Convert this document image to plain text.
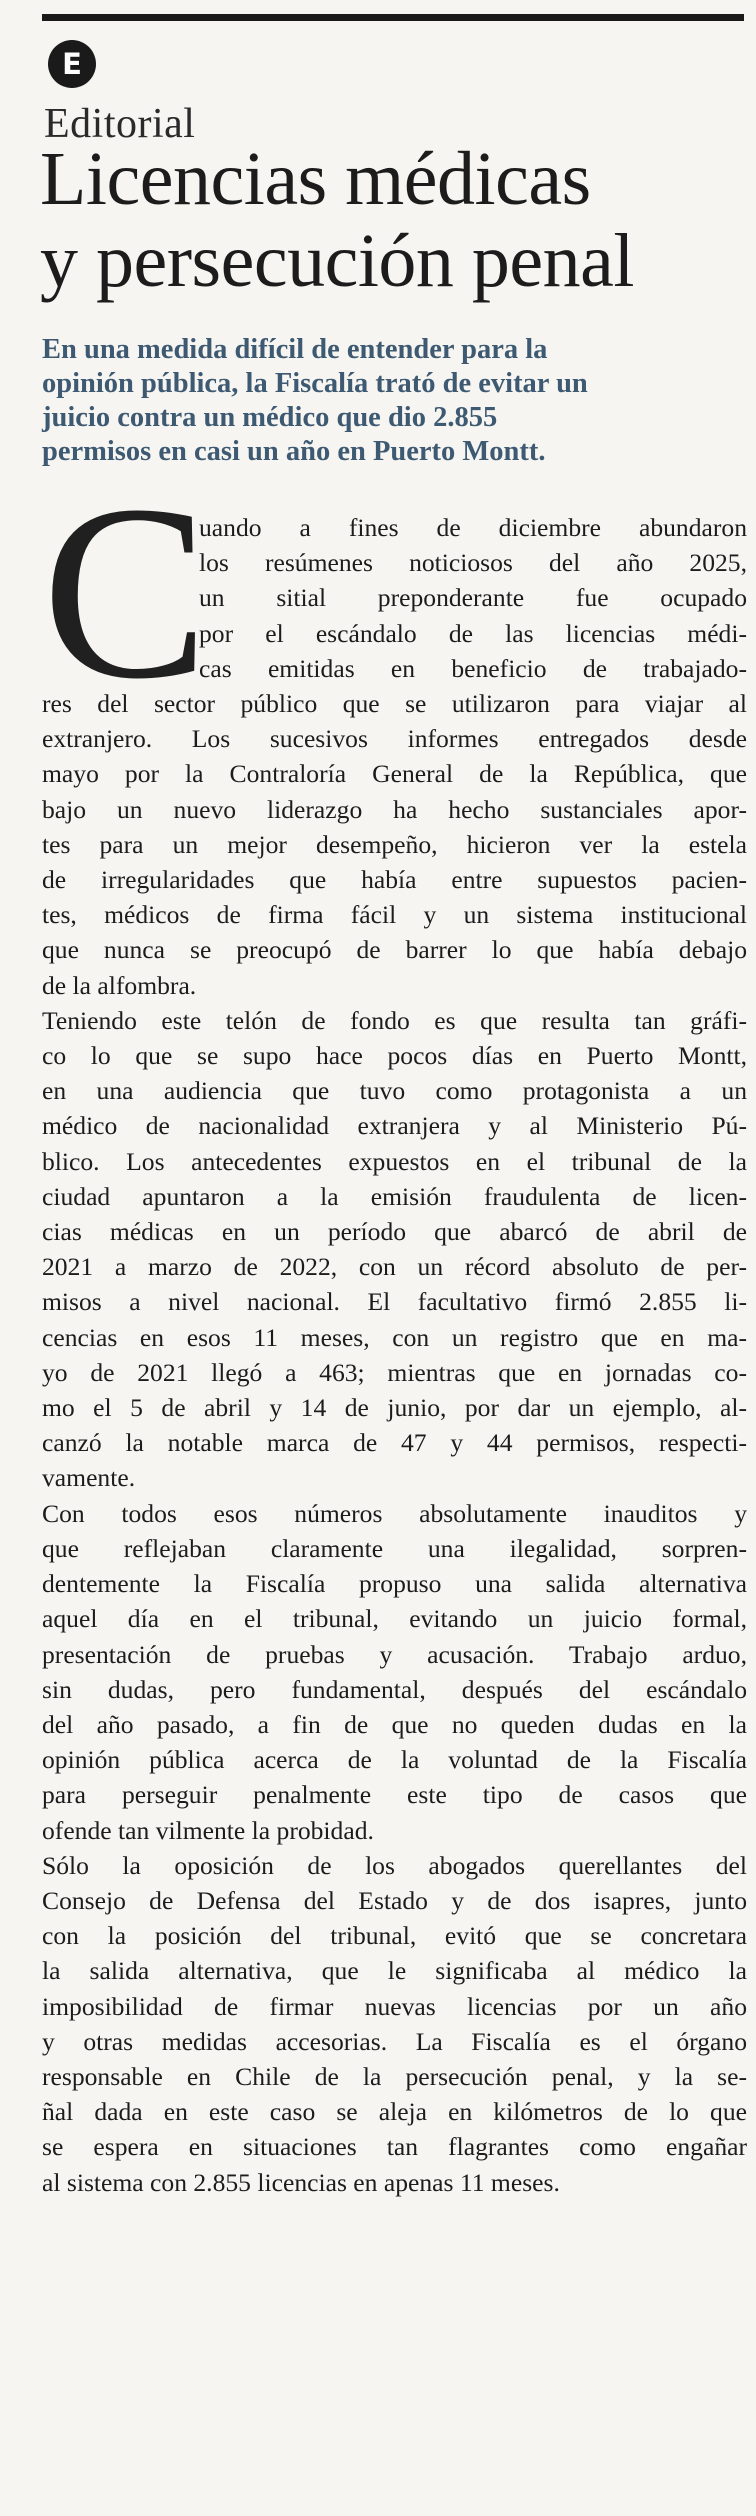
E
Editorial
Licencias médicas
y persecución penal

En una medida difícil de entender para la
opinión pública, la Fiscalía trató de evitar un
juicio contra un médico que dio 2.855
permisos en casi un año en Puerto Montt.

C

uando a fines de diciembre abundaron
los resúmenes noticiosos del año 2025,
un sitial preponderante fue ocupado
por el escándalo de las licencias médi-
cas emitidas en beneficio de trabajado-
res del sector público que se utilizaron para viajar al
extranjero. Los sucesivos informes entregados desde
mayo por la Contraloría General de la República, que
bajo un nuevo liderazgo ha hecho sustanciales apor-
tes para un mejor desempeño, hicieron ver la estela
de irregularidades que había entre supuestos pacien-
tes, médicos de firma fácil y un sistema institucional
que nunca se preocupó de barrer lo que había debajo
de la alfombra.

Teniendo este telón de fondo es que resulta tan gráfi-
co lo que se supo hace pocos días en Puerto Montt,
en una audiencia que tuvo como protagonista a un
médico de nacionalidad extranjera y al Ministerio Pú-
blico. Los antecedentes expuestos en el tribunal de la
ciudad apuntaron a la emisión fraudulenta de licen-
cias médicas en un período que abarcó de abril de
2021 a marzo de 2022, con un récord absoluto de per-
misos a nivel nacional. El facultativo firmó 2.855 li-
cencias en esos 11 meses, con un registro que en ma-
yo de 2021 llegó a 463; mientras que en jornadas co-
mo el 5 de abril y 14 de junio, por dar un ejemplo, al-
canzó la notable marca de 47 y 44 permisos, respecti-
vamente.

Con todos esos números absolutamente inauditos y
que reflejaban claramente una ilegalidad, sorpren-
dentemente la Fiscalía propuso una salida alternativa
aquel día en el tribunal, evitando un juicio formal,
presentación de pruebas y acusación. Trabajo arduo,
sin dudas, pero fundamental, después del escándalo
del año pasado, a fin de que no queden dudas en la
opinión pública acerca de la voluntad de la Fiscalía
para perseguir penalmente este tipo de casos que
ofende tan vilmente la probidad.

Sólo la oposición de los abogados querellantes del
Consejo de Defensa del Estado y de dos isapres, junto
con la posición del tribunal, evitó que se concretara
la salida alternativa, que le significaba al médico la
imposibilidad de firmar nuevas licencias por un año
y otras medidas accesorias. La Fiscalía es el órgano
responsable en Chile de la persecución penal, y la se-
ñal dada en este caso se aleja en kilómetros de lo que
se espera en situaciones tan flagrantes como engañar
al sistema con 2.855 licencias en apenas 11 meses.
